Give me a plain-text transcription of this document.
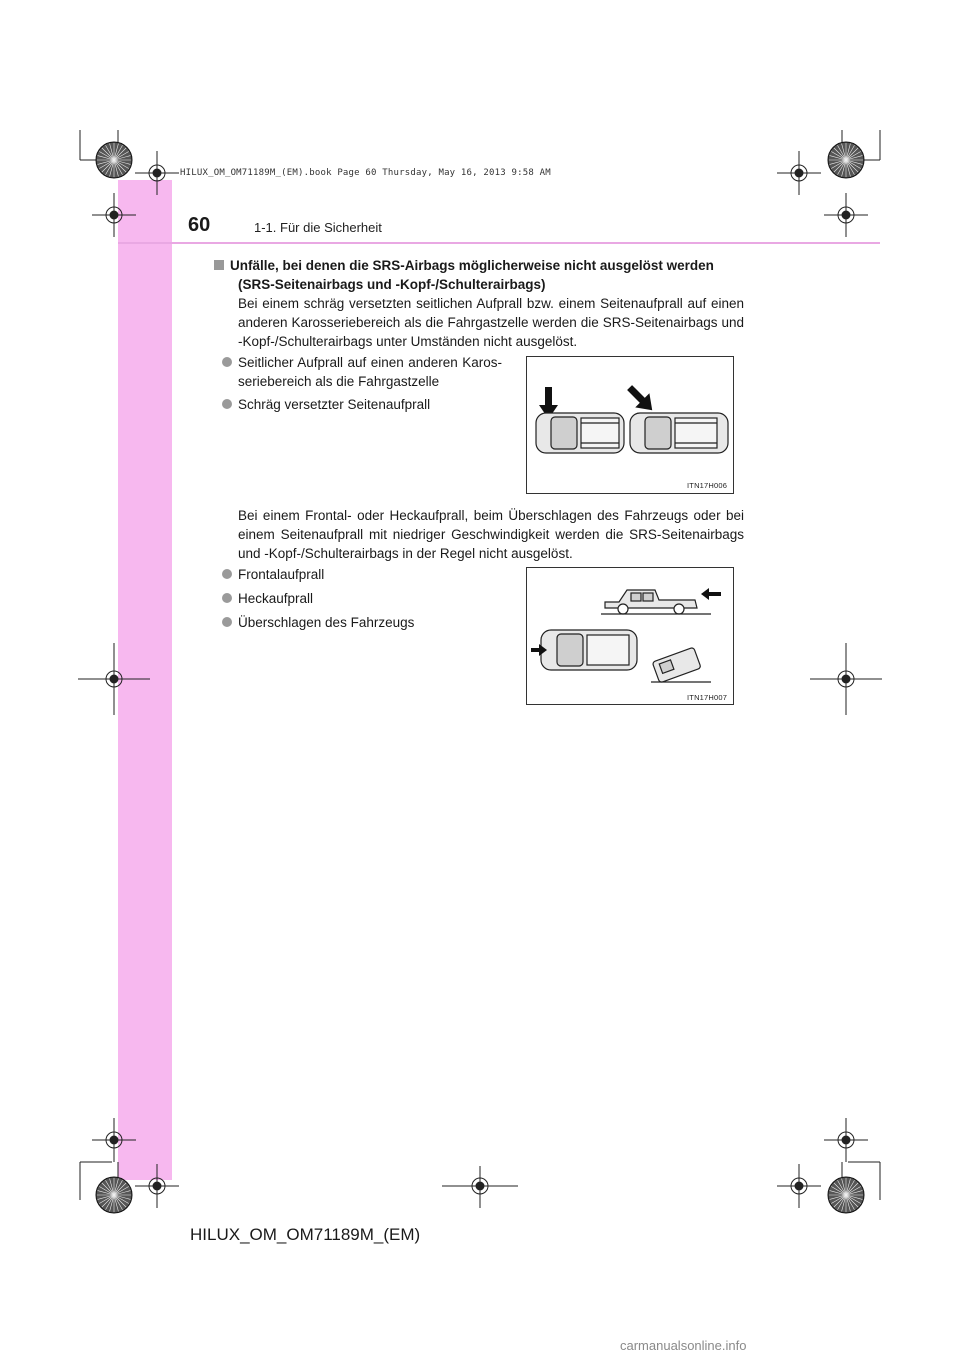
60	1-1. Für die Sicherheit
HILUX_OM_OM71189M_(EM).book Page 60 Thursday, May 16, 2013 9:58 AM
Unfälle, bei denen die SRS-Airbags möglicherweise nicht ausgelöst werden
(SRS-Seitenairbags und -Kopf-/Schulterairbags)
Bei einem schräg versetzten seitlichen Aufprall bzw. einem Seitenaufprall auf einen anderen Karosseriebereich als die Fahrgastzelle werden die SRS-Seitenairbags und -Kopf-/Schulterairbags unter Umständen nicht ausgelöst.
Seitlicher Aufprall auf einen anderen Karos-seriebereich als die Fahrgastzelle
Schräg versetzter Seitenaufprall
ITN17H006
Bei einem Frontal- oder Heckaufprall, beim Überschlagen des Fahrzeugs oder bei einem Seitenaufprall mit niedriger Geschwindigkeit werden die SRS-Seitenairbags und -Kopf-/Schulterairbags in der Regel nicht ausgelöst.
Frontalaufprall
Heckaufprall
Überschlagen des Fahrzeugs
ITN17H007
HILUX_OM_OM71189M_(EM)
carmanualsonline.info
